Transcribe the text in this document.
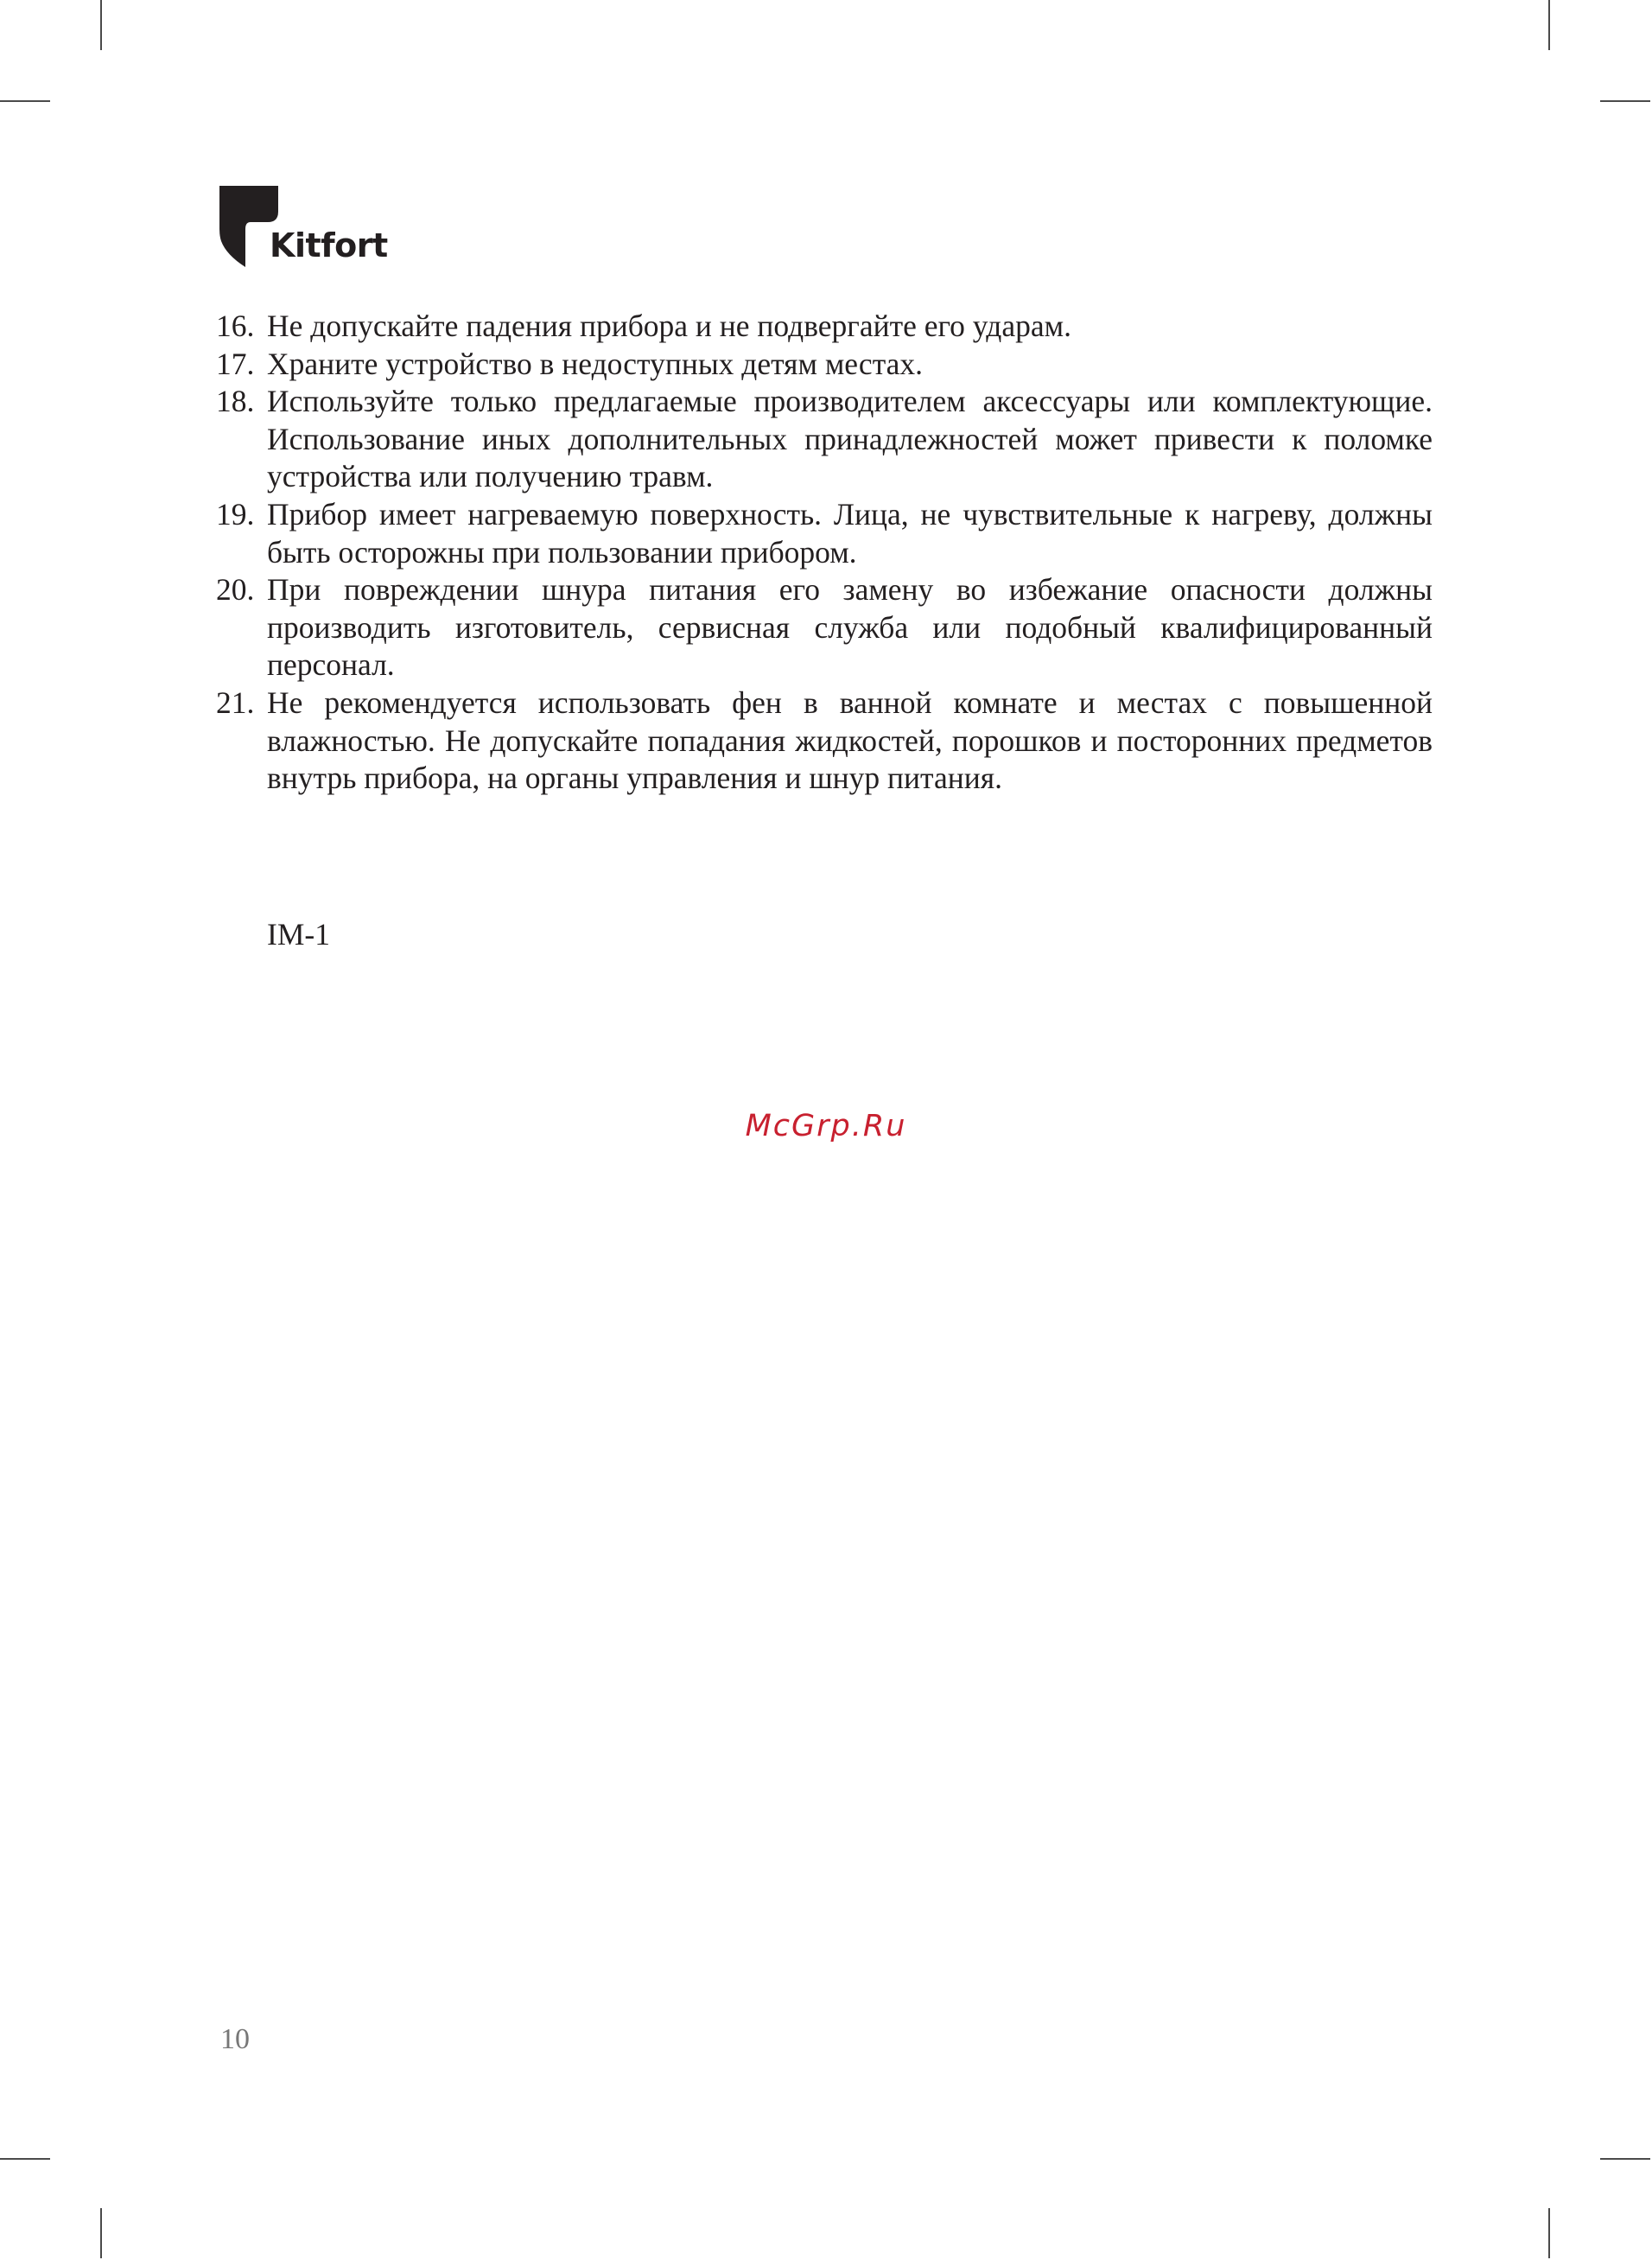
Kitfort
16. Не допускайте падения прибора и не подвергайте его ударам.
17. Храните устройство в недоступных детям местах.
18. Используйте только предлагаемые производителем аксессуары или комплектующие. Использование иных дополнительных принадлежностей может привести к поломке устройства или получению травм.
19. Прибор имеет нагреваемую поверхность. Лица, не чувствительные к нагреву, должны быть осторожны при пользовании прибором.
20. При повреждении шнура питания его замену во избежание опасности должны производить изготовитель, сервисная служба или подобный квалифицированный персонал.
21. Не рекомендуется использовать фен в ванной комнате и местах с повышенной влажностью. Не допускайте попадания жидкостей, порошков и посторонних предметов внутрь прибора, на органы управления и шнур питания.
IM-1
McGrp.Ru
10
